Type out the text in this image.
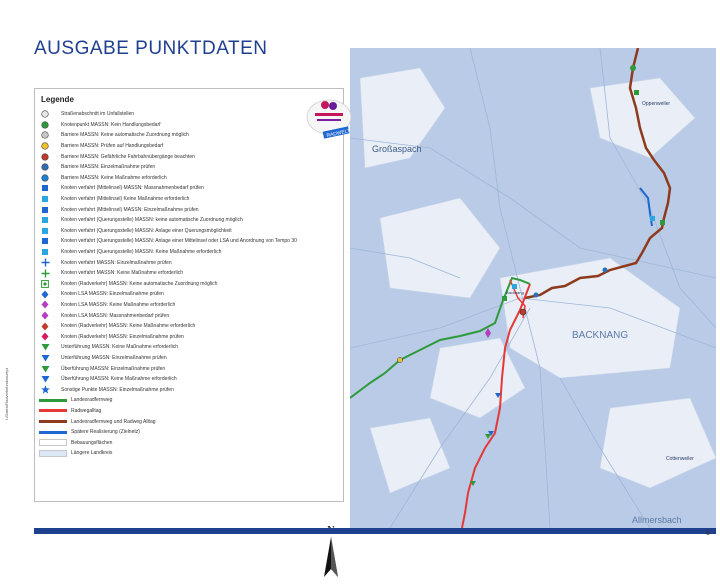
AUSGABE PUNKTDATEN
I:/Daten/Radverkehrskonzept
Oppenweiler
Großaspach
Backnang
BACKNANG
Allmersbach
Cottenweiler
Legende
RADWELT
Straßenabschnitt im Unfallstellen
Knotenpunkt MASSN: Kein Handlungsbedarf
Barriere MASSN: Keine automatische Zuordnung möglich
Barriere MASSN: Prüfen auf Handlungsbedarf
Barriere MASSN: Gefährliche Fahrbahnübergänge beachten
Barriere MASSN: Einzelmaßnahme prüfen
Barriere MASSN: Keine Maßnahme erforderlich
Knoten verfahrt (Mittelinsel) MASSN: Massnahmenbedarf prüfen
Knoten verfahrt (Mittelinsel) Keine Maßnahme erforderlich
Knoten verfahrt (Mittelinsel) MASSN: Einzelmaßnahme prüfen
Knoten verfahrt (Querungsstelle) MASSN: keine automatische Zuordnung möglich
Knoten verfahrt (Querungsstelle) MASSN: Anlage einer Querungsmöglichkeit
Knoten verfahrt (Querungsstelle) MASSN: Anlage einer Mittelinsel oder LSA und Anordnung von Tempo 30
Knoten verfahrt (Querungsstelle) MASSN: Keine Maßnahme erforderlich
Knoten verfahrt MASSN: Einzelmaßnahme prüfen
Knoten verfahrt MASSN: Keine Maßnahme erforderlich
Knoten (Radverkehr) MASSN: Keine automatische Zuordnung möglich
Knoten LSA MASSN: Einzelmaßnahme prüfen
Knoten LSA MASSN: Keine Maßnahme erforderlich
Knoten LSA MASSN: Massnahmenbedarf prüfen
Knoten (Radverkehr) MASSN: Keine Maßnahme erforderlich
Knoten (Radverkehr) MASSN: Einzelmaßnahme prüfen
Unterführung MASSN: Keine Maßnahme erforderlich
Unterführung MASSN: Einzelmaßnahme prüfen
Überführung MASSN: Einzelmaßnahme prüfen
Überführung MASSN: Keine Maßnahme erforderlich
Sonstige Punkte MASSN: Einzelmaßnahme prüfen
Landesradfernweg
Radwegalltag
Landesradfernweg und Radweg Alltag
Spätere Realisierung (Zielnetz)
Bebauungsflächen
Längere Landkreis
5
